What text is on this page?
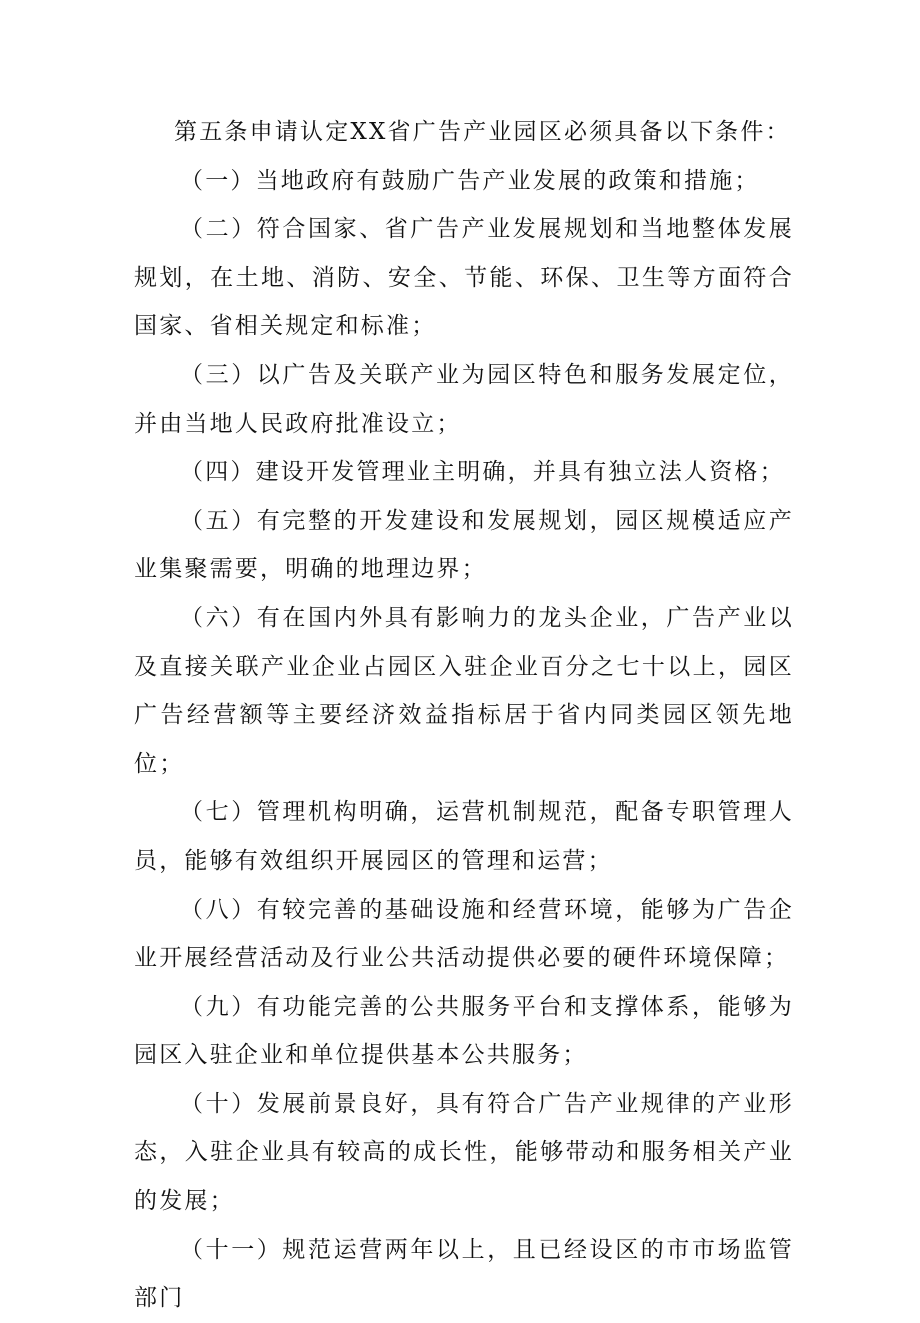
第五条申请认定XX省广告产业园区必须具备以下条件：

（一）当地政府有鼓励广告产业发展的政策和措施；

（二）符合国家、省广告产业发展规划和当地整体发展规划，在土地、消防、安全、节能、环保、卫生等方面符合国家、省相关规定和标准；

（三）以广告及关联产业为园区特色和服务发展定位，并由当地人民政府批准设立；

（四）建设开发管理业主明确，并具有独立法人资格；

（五）有完整的开发建设和发展规划，园区规模适应产业集聚需要，明确的地理边界；

（六）有在国内外具有影响力的龙头企业，广告产业以及直接关联产业企业占园区入驻企业百分之七十以上，园区广告经营额等主要经济效益指标居于省内同类园区领先地位；

（七）管理机构明确，运营机制规范，配备专职管理人员，能够有效组织开展园区的管理和运营；

（八）有较完善的基础设施和经营环境，能够为广告企业开展经营活动及行业公共活动提供必要的硬件环境保障；

（九）有功能完善的公共服务平台和支撑体系，能够为园区入驻企业和单位提供基本公共服务；

（十）发展前景良好，具有符合广告产业规律的产业形态，入驻企业具有较高的成长性，能够带动和服务相关产业的发展；

（十一）规范运营两年以上，且已经设区的市市场监管部门
